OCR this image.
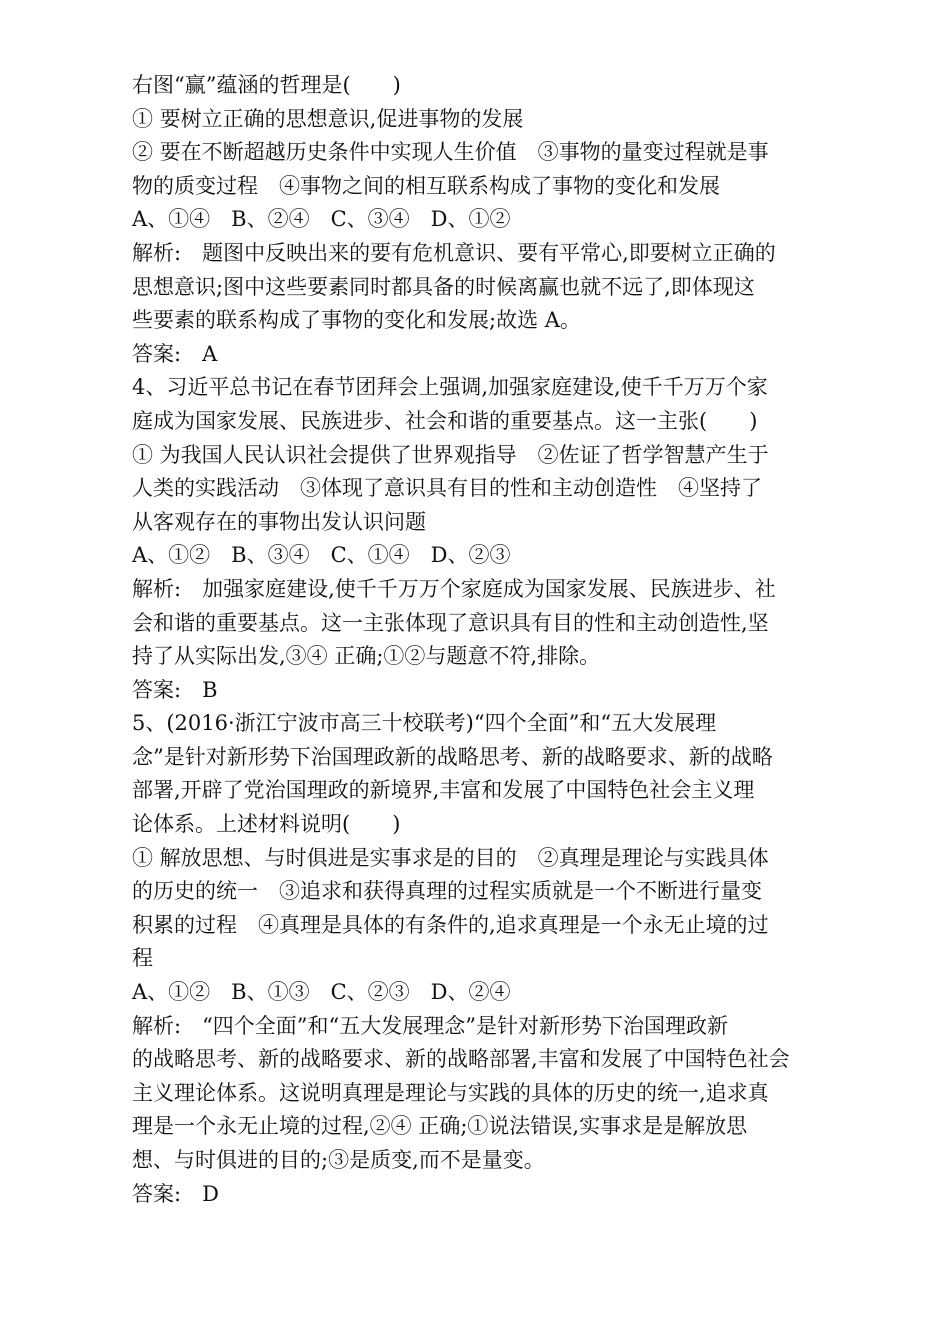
右图“赢”蕴涵的哲理是(　　)
① 要树立正确的思想意识,促进事物的发展
② 要在不断超越历史条件中实现人生价值　③事物的量变过程就是事
物的质变过程　④事物之间的相互联系构成了事物的变化和发展
A、①④　B、②④　C、③④　D、①②
解析:　题图中反映出来的要有危机意识、要有平常心,即要树立正确的
思想意识;图中这些要素同时都具备的时候离赢也就不远了,即体现这
些要素的联系构成了事物的变化和发展;故选 A。
答案:　A
4、习近平总书记在春节团拜会上强调,加强家庭建设,使千千万万个家
庭成为国家发展、民族进步、社会和谐的重要基点。这一主张(　　)
① 为我国人民认识社会提供了世界观指导　②佐证了哲学智慧产生于
人类的实践活动　③体现了意识具有目的性和主动创造性　④坚持了
从客观存在的事物出发认识问题
A、①②　B、③④　C、①④　D、②③
解析:　加强家庭建设,使千千万万个家庭成为国家发展、民族进步、社
会和谐的重要基点。这一主张体现了意识具有目的性和主动创造性,坚
持了从实际出发,③④ 正确;①②与题意不符,排除。
答案:　B
5、(2016·浙江宁波市高三十校联考)“四个全面”和“五大发展理
念”是针对新形势下治国理政新的战略思考、新的战略要求、新的战略
部署,开辟了党治国理政的新境界,丰富和发展了中国特色社会主义理
论体系。上述材料说明(　　)
① 解放思想、与时俱进是实事求是的目的　②真理是理论与实践具体
的历史的统一　③追求和获得真理的过程实质就是一个不断进行量变
积累的过程　④真理是具体的有条件的,追求真理是一个永无止境的过
程
A、①②　B、①③　C、②③　D、②④
解析:　“四个全面”和“五大发展理念”是针对新形势下治国理政新
的战略思考、新的战略要求、新的战略部署,丰富和发展了中国特色社会
主义理论体系。这说明真理是理论与实践的具体的历史的统一,追求真
理是一个永无止境的过程,②④ 正确;①说法错误,实事求是是解放思
想、与时俱进的目的;③是质变,而不是量变。
答案:　D
